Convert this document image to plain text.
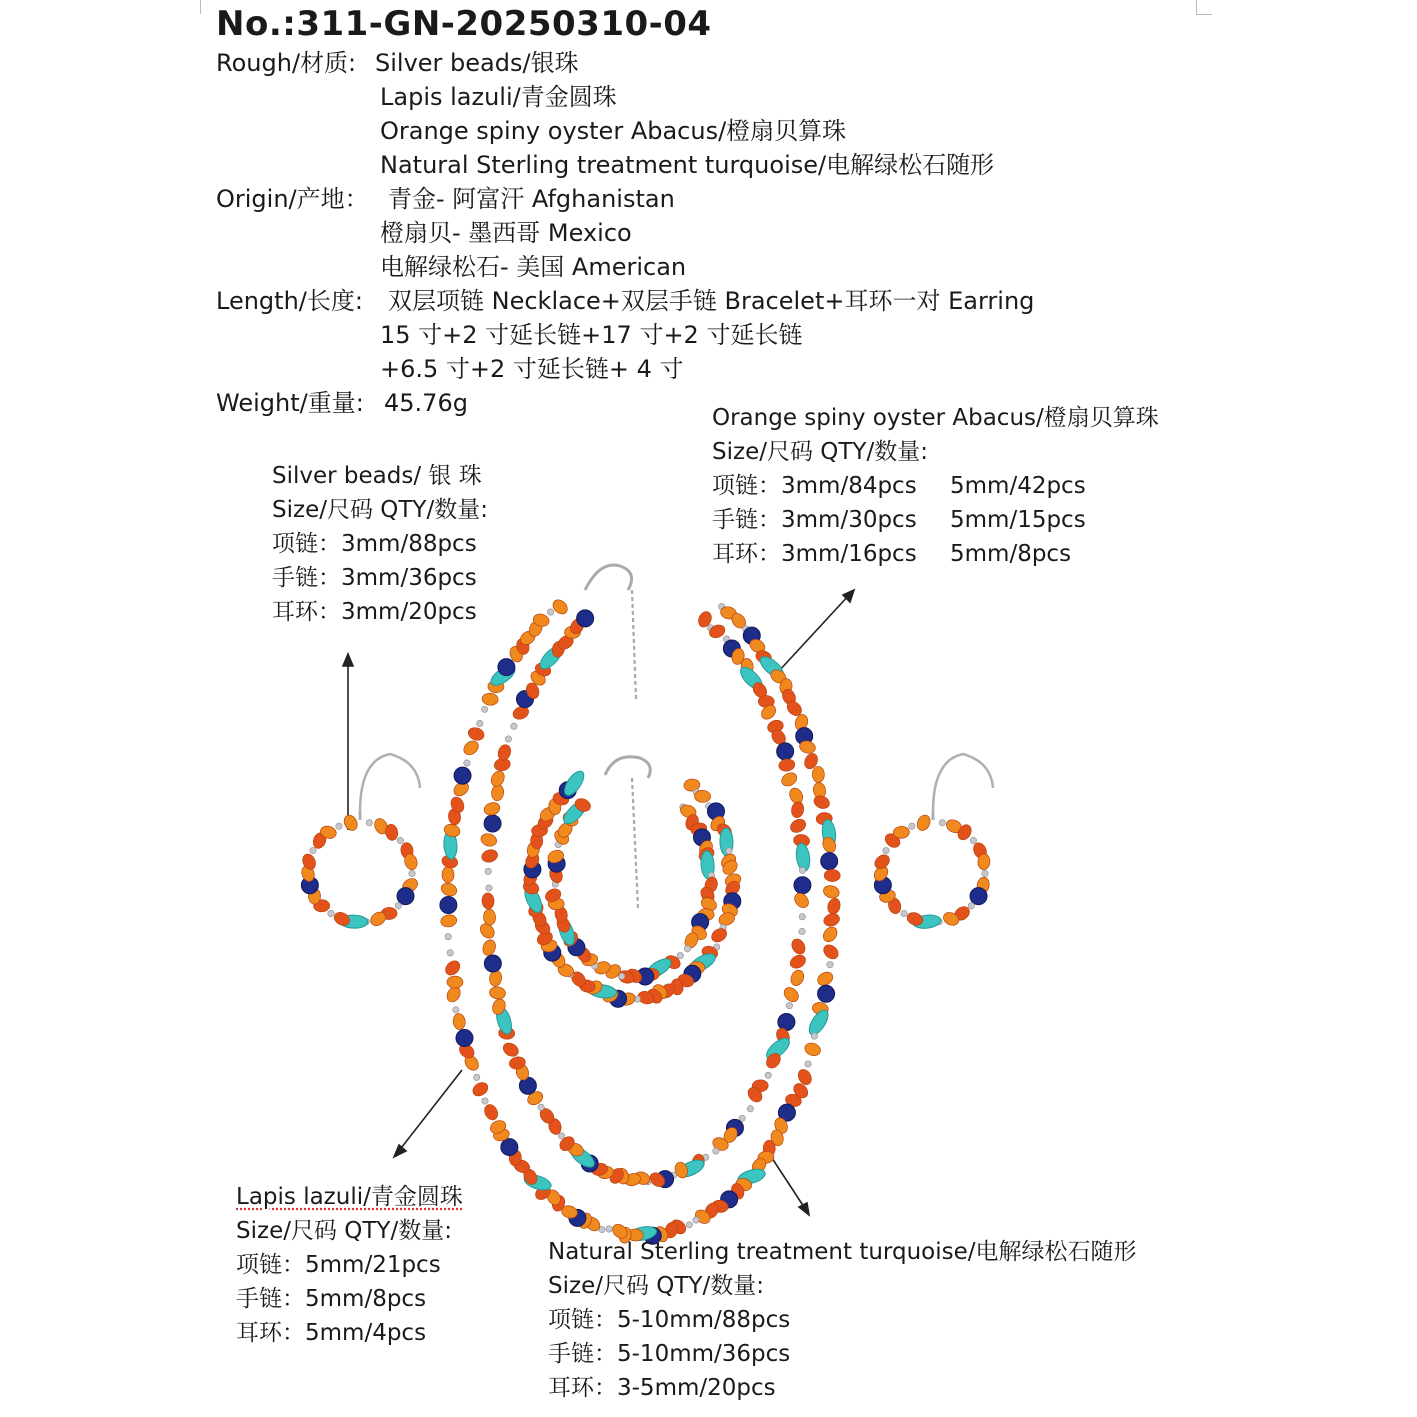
No.:311-GN-20250310-04
Rough/材质: Silver beads/银珠
Lapis lazuli/青金圆珠
Orange spiny oyster Abacus/橙扇贝算珠
Natural Sterling treatment turquoise/电解绿松石随形
Origin/产地： 青金- 阿富汗 Afghanistan
橙扇贝- 墨西哥 Mexico
电解绿松石- 美国 American
Length/长度: 双层项链 Necklace+双层手链 Bracelet+耳环一对 Earring
15 寸+2 寸延长链+17 寸+2 寸延长链
+6.5 寸+2 寸延长链+ 4 寸
Weight/重量: 45.76g
Silver beads/ 银 珠
Size/尺码 QTY/数量:
项链：3mm/88pcs
手链：3mm/36pcs
耳环：3mm/20pcs
Orange spiny oyster Abacus/橙扇贝算珠
Size/尺码 QTY/数量:
项链：3mm/84pcs 5mm/42pcs
手链：3mm/30pcs 5mm/15pcs
耳环：3mm/16pcs 5mm/8pcs
Lapis lazuli/青金圆珠
Size/尺码 QTY/数量:
项链：5mm/21pcs
手链：5mm/8pcs
耳环：5mm/4pcs
Natural Sterling treatment turquoise/电解绿松石随形
Size/尺码 QTY/数量:
项链：5-10mm/88pcs
手链：5-10mm/36pcs
耳环：3-5mm/20pcs
